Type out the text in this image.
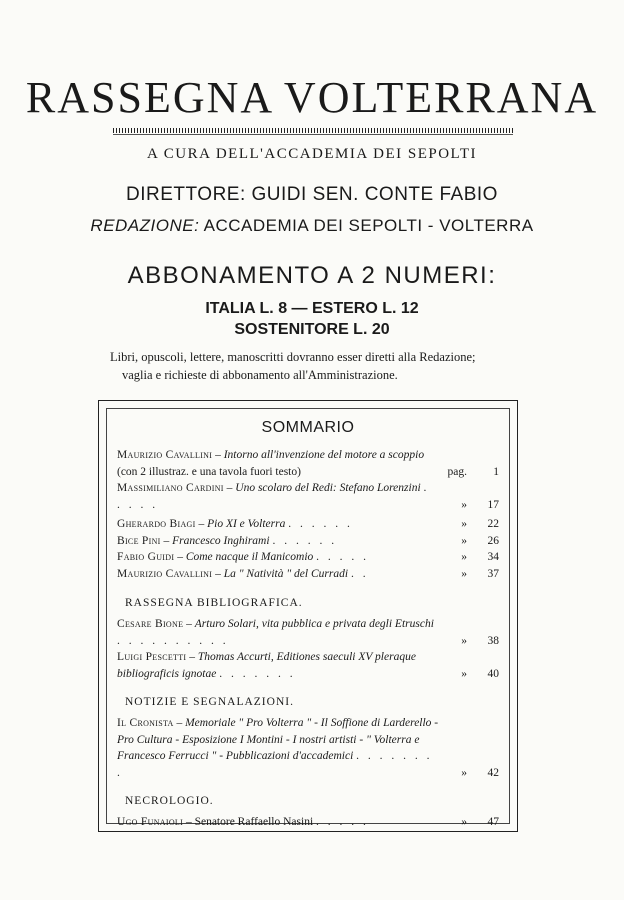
RASSEGNA VOLTERRANA
A CURA DELL'ACCADEMIA DEI SEPOLTI
DIRETTORE: GUIDI SEN. CONTE FABIO
REDAZIONE: ACCADEMIA DEI SEPOLTI - VOLTERRA
ABBONAMENTO A 2 NUMERI:
ITALIA L. 8 — ESTERO L. 12
SOSTENITORE L. 20
Libri, opuscoli, lettere, manoscritti dovranno esser diretti alla Redazione;
vaglia e richieste di abbonamento all'Amministrazione.
SOMMARIO
Maurizio Cavallini – Intorno all'invenzione del motore a scoppio (con 2 illustraz. e una tavola fuori testo)	pag.	1
Massimiliano Cardini – Uno scolaro del Redi: Stefano Lorenzini . . . . .	»	17
Gherardo Biagi – Pio XI e Volterra . . . . . .	»	22
Bice Pini – Francesco Inghirami . . . . . .	»	26
Fabio Guidi – Come nacque il Manicomio . . . . .	»	34
Maurizio Cavallini – La " Natività " del Curradi . .	»	37
RASSEGNA BIBLIOGRAFICA.
Cesare Bione – Arturo Solari, vita pubblica e privata degli Etruschi . . . . . . . . . .	»	38
Luigi Pescetti – Thomas Accurti, Editiones saeculi XV pleraque bibliograficis ignotae . . . . . . .	»	40
NOTIZIE E SEGNALAZIONI.
Il Cronista – Memoriale " Pro Volterra " - Il Soffione di Larderello - Pro Cultura - Esposizione I Montini - I nostri artisti - " Volterra e Francesco Ferrucci " - Pubblicazioni d'accademici . . . . . . . .	»	42
NECROLOGIO.
Ugo Funaioli – Senatore Raffaello Nasini . . . . .	»	47
